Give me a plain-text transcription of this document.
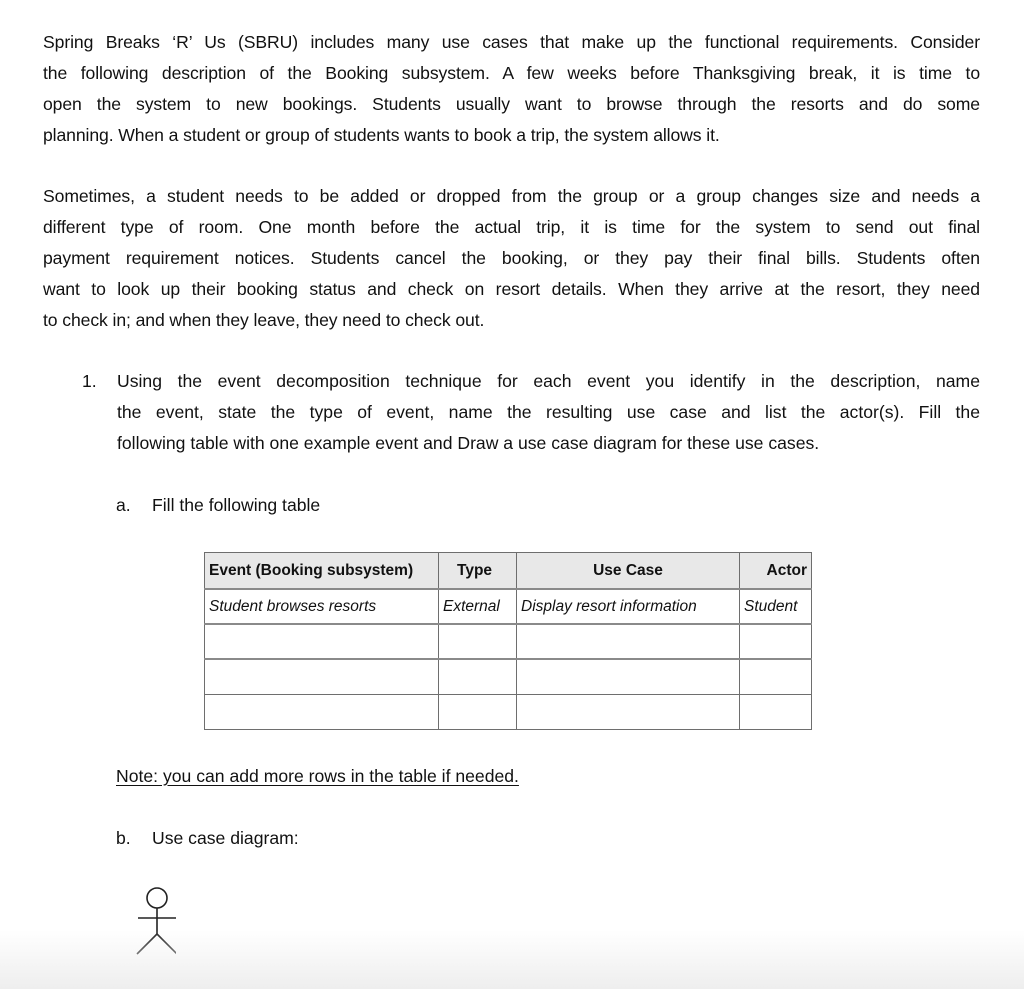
Spring Breaks ‘R’ Us (SBRU) includes many use cases that make up the functional requirements. Consider
the following description of the Booking subsystem. A few weeks before Thanksgiving break, it is time to
open the system to new bookings. Students usually want to browse through the resorts and do some
planning. When a student or group of students wants to book a trip, the system allows it.
Sometimes, a student needs to be added or dropped from the group or a group changes size and needs a
different type of room. One month before the actual trip, it is time for the system to send out final
payment requirement notices. Students cancel the booking, or they pay their final bills. Students often
want to look up their booking status and check on resort details. When they arrive at the resort, they need
to check in; and when they leave, they need to check out.
1. Using the event decomposition technique for each event you identify in the description, name
the event, state the type of event, name the resulting use case and list the actor(s). Fill the
following table with one example event and Draw a use case diagram for these use cases.
a. Fill the following table
Event (Booking subsystem)	Type	Use Case	Actor
Student browses resorts	External	Display resort information	Student

Note: you can add more rows in the table if needed.
b. Use case diagram:
